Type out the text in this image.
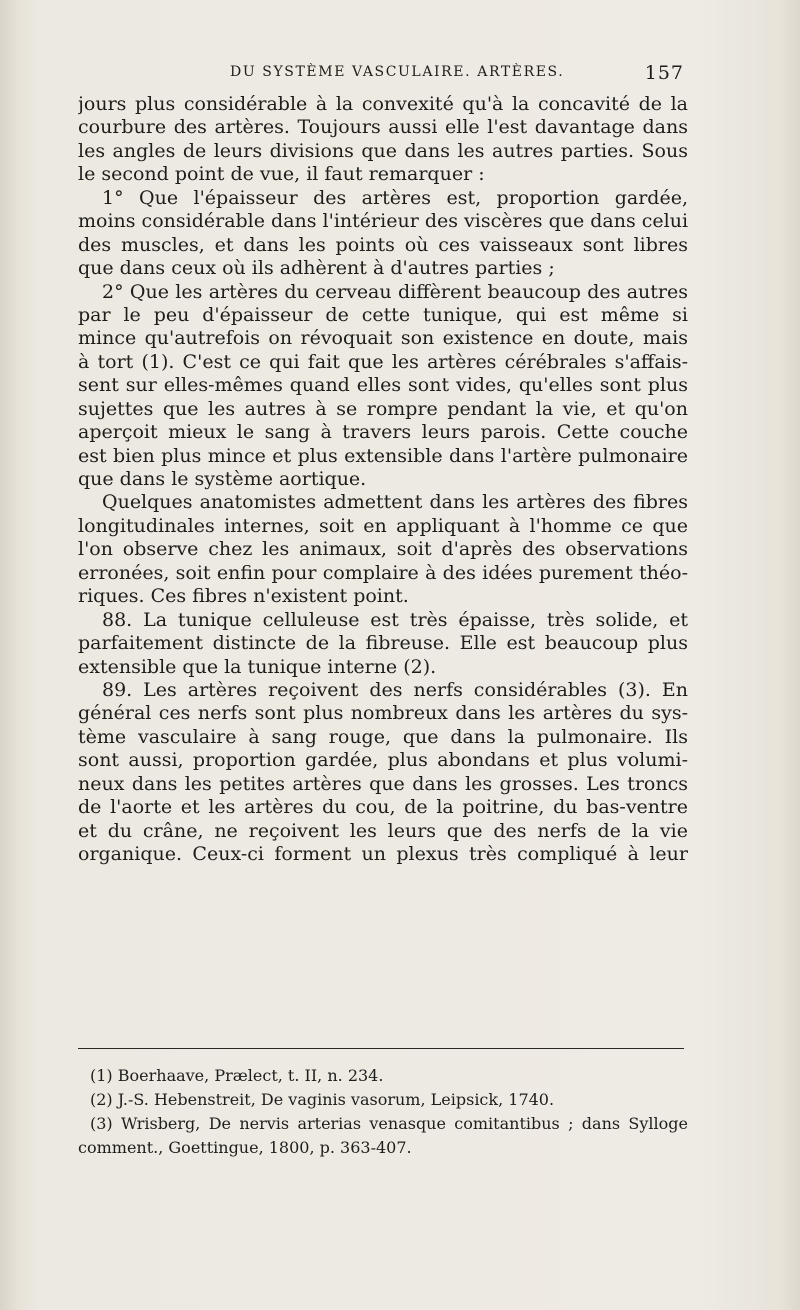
DU SYSTÈME VASCULAIRE. ARTÈRES.	157
jours plus considérable à la convexité qu'à la concavité de la
courbure des artères. Toujours aussi elle l'est davantage dans
les angles de leurs divisions que dans les autres parties. Sous
le second point de vue, il faut remarquer :
1° Que l'épaisseur des artères est, proportion gardée,
moins considérable dans l'intérieur des viscères que dans celui
des muscles, et dans les points où ces vaisseaux sont libres
que dans ceux où ils adhèrent à d'autres parties ;
2° Que les artères du cerveau diffèrent beaucoup des autres
par le peu d'épaisseur de cette tunique, qui est même si
mince qu'autrefois on révoquait son existence en doute, mais
à tort (1). C'est ce qui fait que les artères cérébrales s'affais-
sent sur elles-mêmes quand elles sont vides, qu'elles sont plus
sujettes que les autres à se rompre pendant la vie, et qu'on
aperçoit mieux le sang à travers leurs parois. Cette couche
est bien plus mince et plus extensible dans l'artère pulmonaire
que dans le système aortique.
Quelques anatomistes admettent dans les artères des fibres
longitudinales internes, soit en appliquant à l'homme ce que
l'on observe chez les animaux, soit d'après des observations
erronées, soit enfin pour complaire à des idées purement théo-
riques. Ces fibres n'existent point.
88. La tunique celluleuse est très épaisse, très solide, et
parfaitement distincte de la fibreuse. Elle est beaucoup plus
extensible que la tunique interne (2).
89. Les artères reçoivent des nerfs considérables (3). En
général ces nerfs sont plus nombreux dans les artères du sys-
tème vasculaire à sang rouge, que dans la pulmonaire. Ils
sont aussi, proportion gardée, plus abondans et plus volumi-
neux dans les petites artères que dans les grosses. Les troncs
de l'aorte et les artères du cou, de la poitrine, du bas-ventre
et du crâne, ne reçoivent les leurs que des nerfs de la vie
organique. Ceux-ci forment un plexus très compliqué à leur
(1) Boerhaave, Prælect, t. II, n. 234.
(2) J.-S. Hebenstreit, De vaginis vasorum, Leipsick, 1740.
(3) Wrisberg, De nervis arterias venasque comitantibus ; dans Sylloge
comment., Goettingue, 1800, p. 363-407.
